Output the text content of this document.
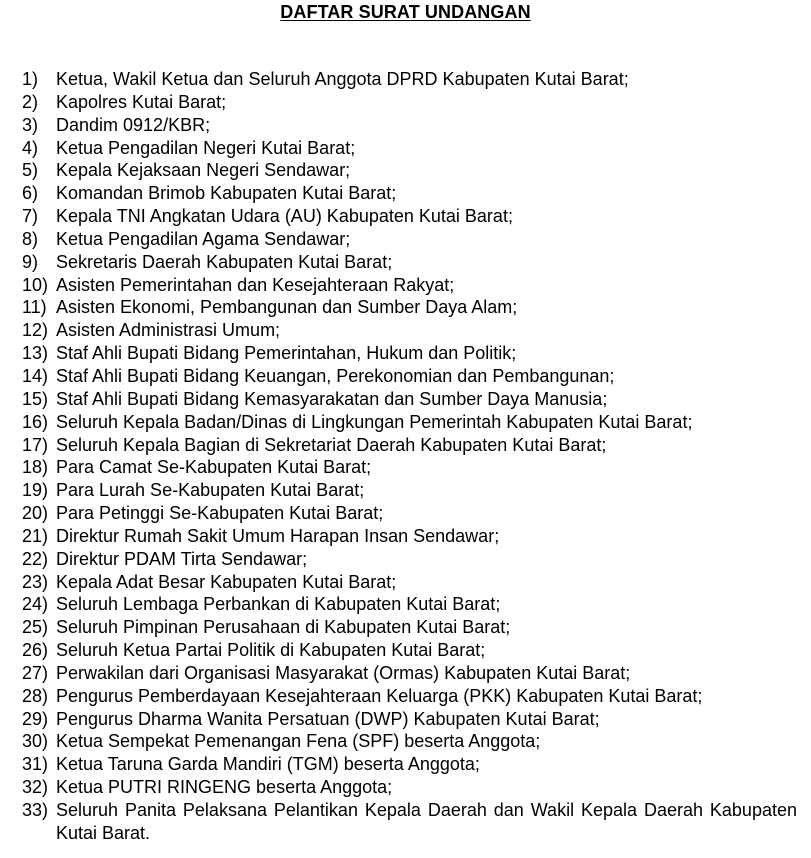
DAFTAR SURAT UNDANGAN
1) Ketua, Wakil Ketua dan Seluruh Anggota DPRD Kabupaten Kutai Barat;
2) Kapolres Kutai Barat;
3) Dandim 0912/KBR;
4) Ketua Pengadilan Negeri Kutai Barat;
5) Kepala Kejaksaan Negeri Sendawar;
6) Komandan Brimob Kabupaten Kutai Barat;
7) Kepala TNI Angkatan Udara (AU) Kabupaten Kutai Barat;
8) Ketua Pengadilan Agama Sendawar;
9) Sekretaris Daerah Kabupaten Kutai Barat;
10) Asisten Pemerintahan dan Kesejahteraan Rakyat;
11) Asisten Ekonomi, Pembangunan dan Sumber Daya Alam;
12) Asisten Administrasi Umum;
13) Staf Ahli Bupati Bidang Pemerintahan, Hukum dan Politik;
14) Staf Ahli Bupati Bidang Keuangan, Perekonomian dan Pembangunan;
15) Staf Ahli Bupati Bidang Kemasyarakatan dan Sumber Daya Manusia;
16) Seluruh Kepala Badan/Dinas di Lingkungan Pemerintah Kabupaten Kutai Barat;
17) Seluruh Kepala Bagian di Sekretariat Daerah Kabupaten Kutai Barat;
18) Para Camat Se-Kabupaten Kutai Barat;
19) Para Lurah Se-Kabupaten Kutai Barat;
20) Para Petinggi Se-Kabupaten Kutai Barat;
21) Direktur Rumah Sakit Umum Harapan Insan Sendawar;
22) Direktur PDAM Tirta Sendawar;
23) Kepala Adat Besar Kabupaten Kutai Barat;
24) Seluruh Lembaga Perbankan di Kabupaten Kutai Barat;
25) Seluruh Pimpinan Perusahaan di Kabupaten Kutai Barat;
26) Seluruh Ketua Partai Politik di Kabupaten Kutai Barat;
27) Perwakilan dari Organisasi Masyarakat (Ormas) Kabupaten Kutai Barat;
28) Pengurus Pemberdayaan Kesejahteraan Keluarga (PKK) Kabupaten Kutai Barat;
29) Pengurus Dharma Wanita Persatuan (DWP) Kabupaten Kutai Barat;
30) Ketua Sempekat Pemenangan Fena (SPF) beserta Anggota;
31) Ketua Taruna Garda Mandiri (TGM) beserta Anggota;
32) Ketua PUTRI RINGENG beserta Anggota;
33) Seluruh Panita Pelaksana Pelantikan Kepala Daerah dan Wakil Kepala Daerah Kabupaten Kutai Barat.
